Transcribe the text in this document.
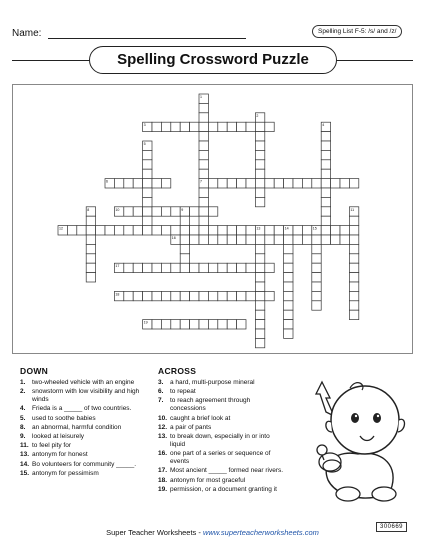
Name:	Spelling List F-5: /s/ and /z/
Spelling Crossword Puzzle
1
2
3	4
5
6	7
8	9
10	11
12	13	14	15
16
17
18
19
DOWN
1.	two-wheeled vehicle with an engine
2.	snowstorm with low visibility and high winds
4.	Frieda is a _____ of two countries.
5.	used to soothe babies
8.	an abnormal, harmful condition
9.	looked at leisurely
11. to feel pity for
13. antonym for honest
14. Bo volunteers for community _____.
15. antonym for pessimism
ACROSS
3.	a hard, multi-purpose mineral
6.	to repeat
7.	to reach agreement through concessions
10. caught a brief look at
12. a pair of pants
13. to break down, especially in or into liquid
16. one part of a series or sequence of events
17. Most ancient _____ formed near rivers.
18. antonym for most graceful
19. permission, or a document granting it
Super Teacher Worksheets - www.superteacherworksheets.com
300669
